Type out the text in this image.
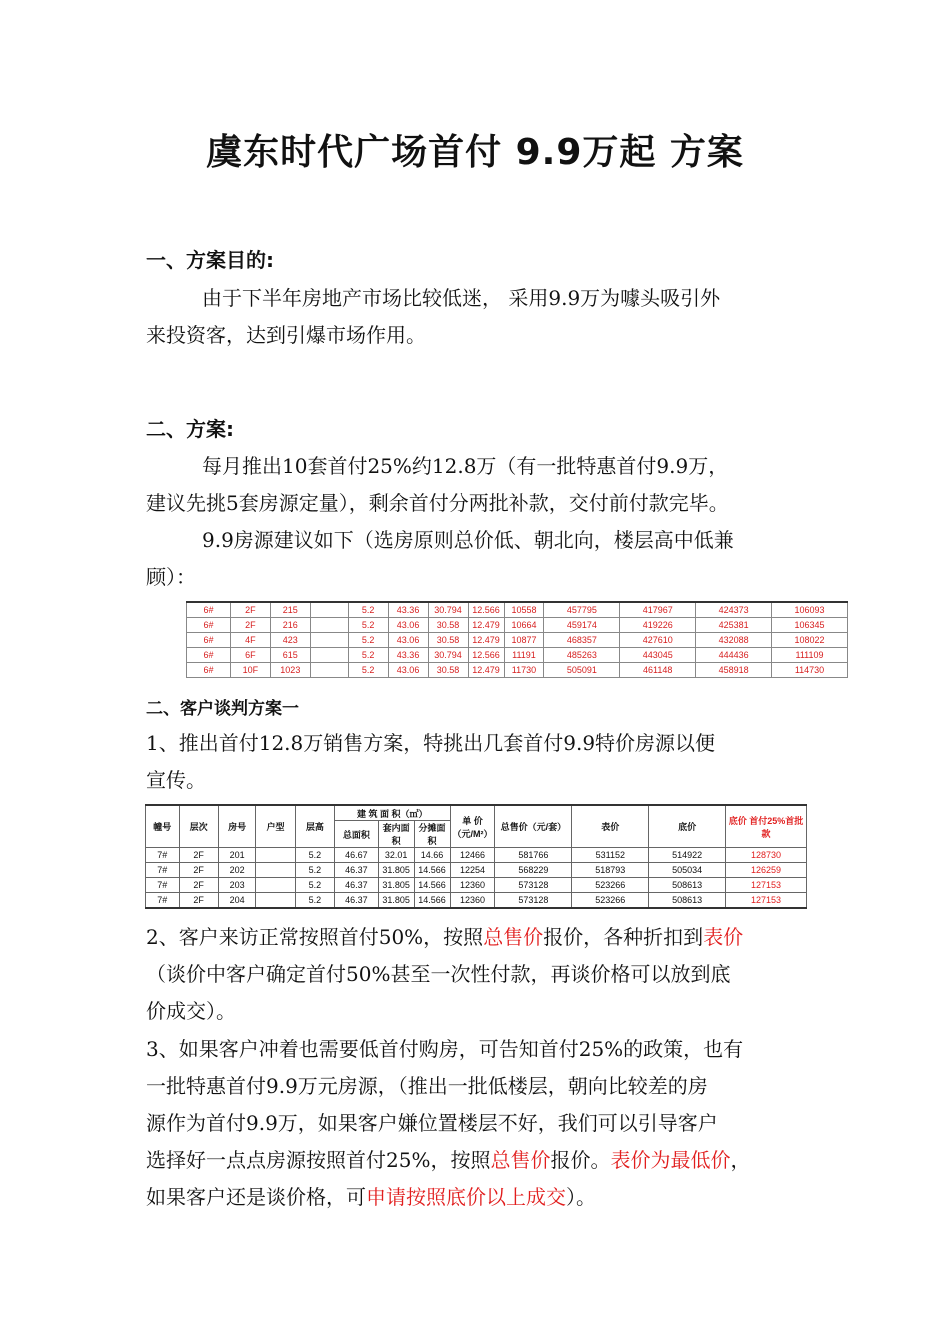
虞东时代广场首付 9.9万起 方案
一、方案目的:
由于下半年房地产市场比较低迷， 采用9.9万为噱头吸引外
来投资客，达到引爆市场作用。
二、方案:
每月推出10套首付25%约12.8万（有一批特惠首付9.9万，
建议先挑5套房源定量），剩余首付分两批补款，交付前付款完毕。
9.9房源建议如下（选房原则总价低、朝北向，楼层高中低兼
顾）：
6#	2F	215		5.2	43.36	30.794	12.566	10558	457795	417967	424373	106093
6#	2F	216		5.2	43.06	30.58	12.479	10664	459174	419226	425381	106345
6#	4F	423		5.2	43.06	30.58	12.479	10877	468357	427610	432088	108022
6#	6F	615		5.2	43.36	30.794	12.566	11191	485263	443045	444436	111109
6#	10F	1023		5.2	43.06	30.58	12.479	11730	505091	461148	458918	114730
二、客户谈判方案一
1、推出首付12.8万销售方案，特挑出几套首付9.9特价房源以便
宣传。
幢号	层次	房号	户型	层高	建 筑 面 积（㎡）			单 价（元/M²）	总售价（元/套）	表价	底价	底价 首付25%首批款
					总面积	套内面积	分摊面积					
7#	2F	201		5.2	46.67	32.01	14.66	12466	581766	531152	514922	128730
7#	2F	202		5.2	46.37	31.805	14.566	12254	568229	518793	505034	126259
7#	2F	203		5.2	46.37	31.805	14.566	12360	573128	523266	508613	127153
7#	2F	204		5.2	46.37	31.805	14.566	12360	573128	523266	508613	127153
2、客户来访正常按照首付50%，按照总售价报价，各种折扣到表价
（谈价中客户确定首付50%甚至一次性付款，再谈价格可以放到底
价成交）。
3、如果客户冲着也需要低首付购房，可告知首付25%的政策，也有
一批特惠首付9.9万元房源，（推出一批低楼层，朝向比较差的房
源作为首付9.9万，如果客户嫌位置楼层不好，我们可以引导客户
选择好一点点房源按照首付25%，按照总售价报价。表价为最低价，
如果客户还是谈价格，可申请按照底价以上成交）。
